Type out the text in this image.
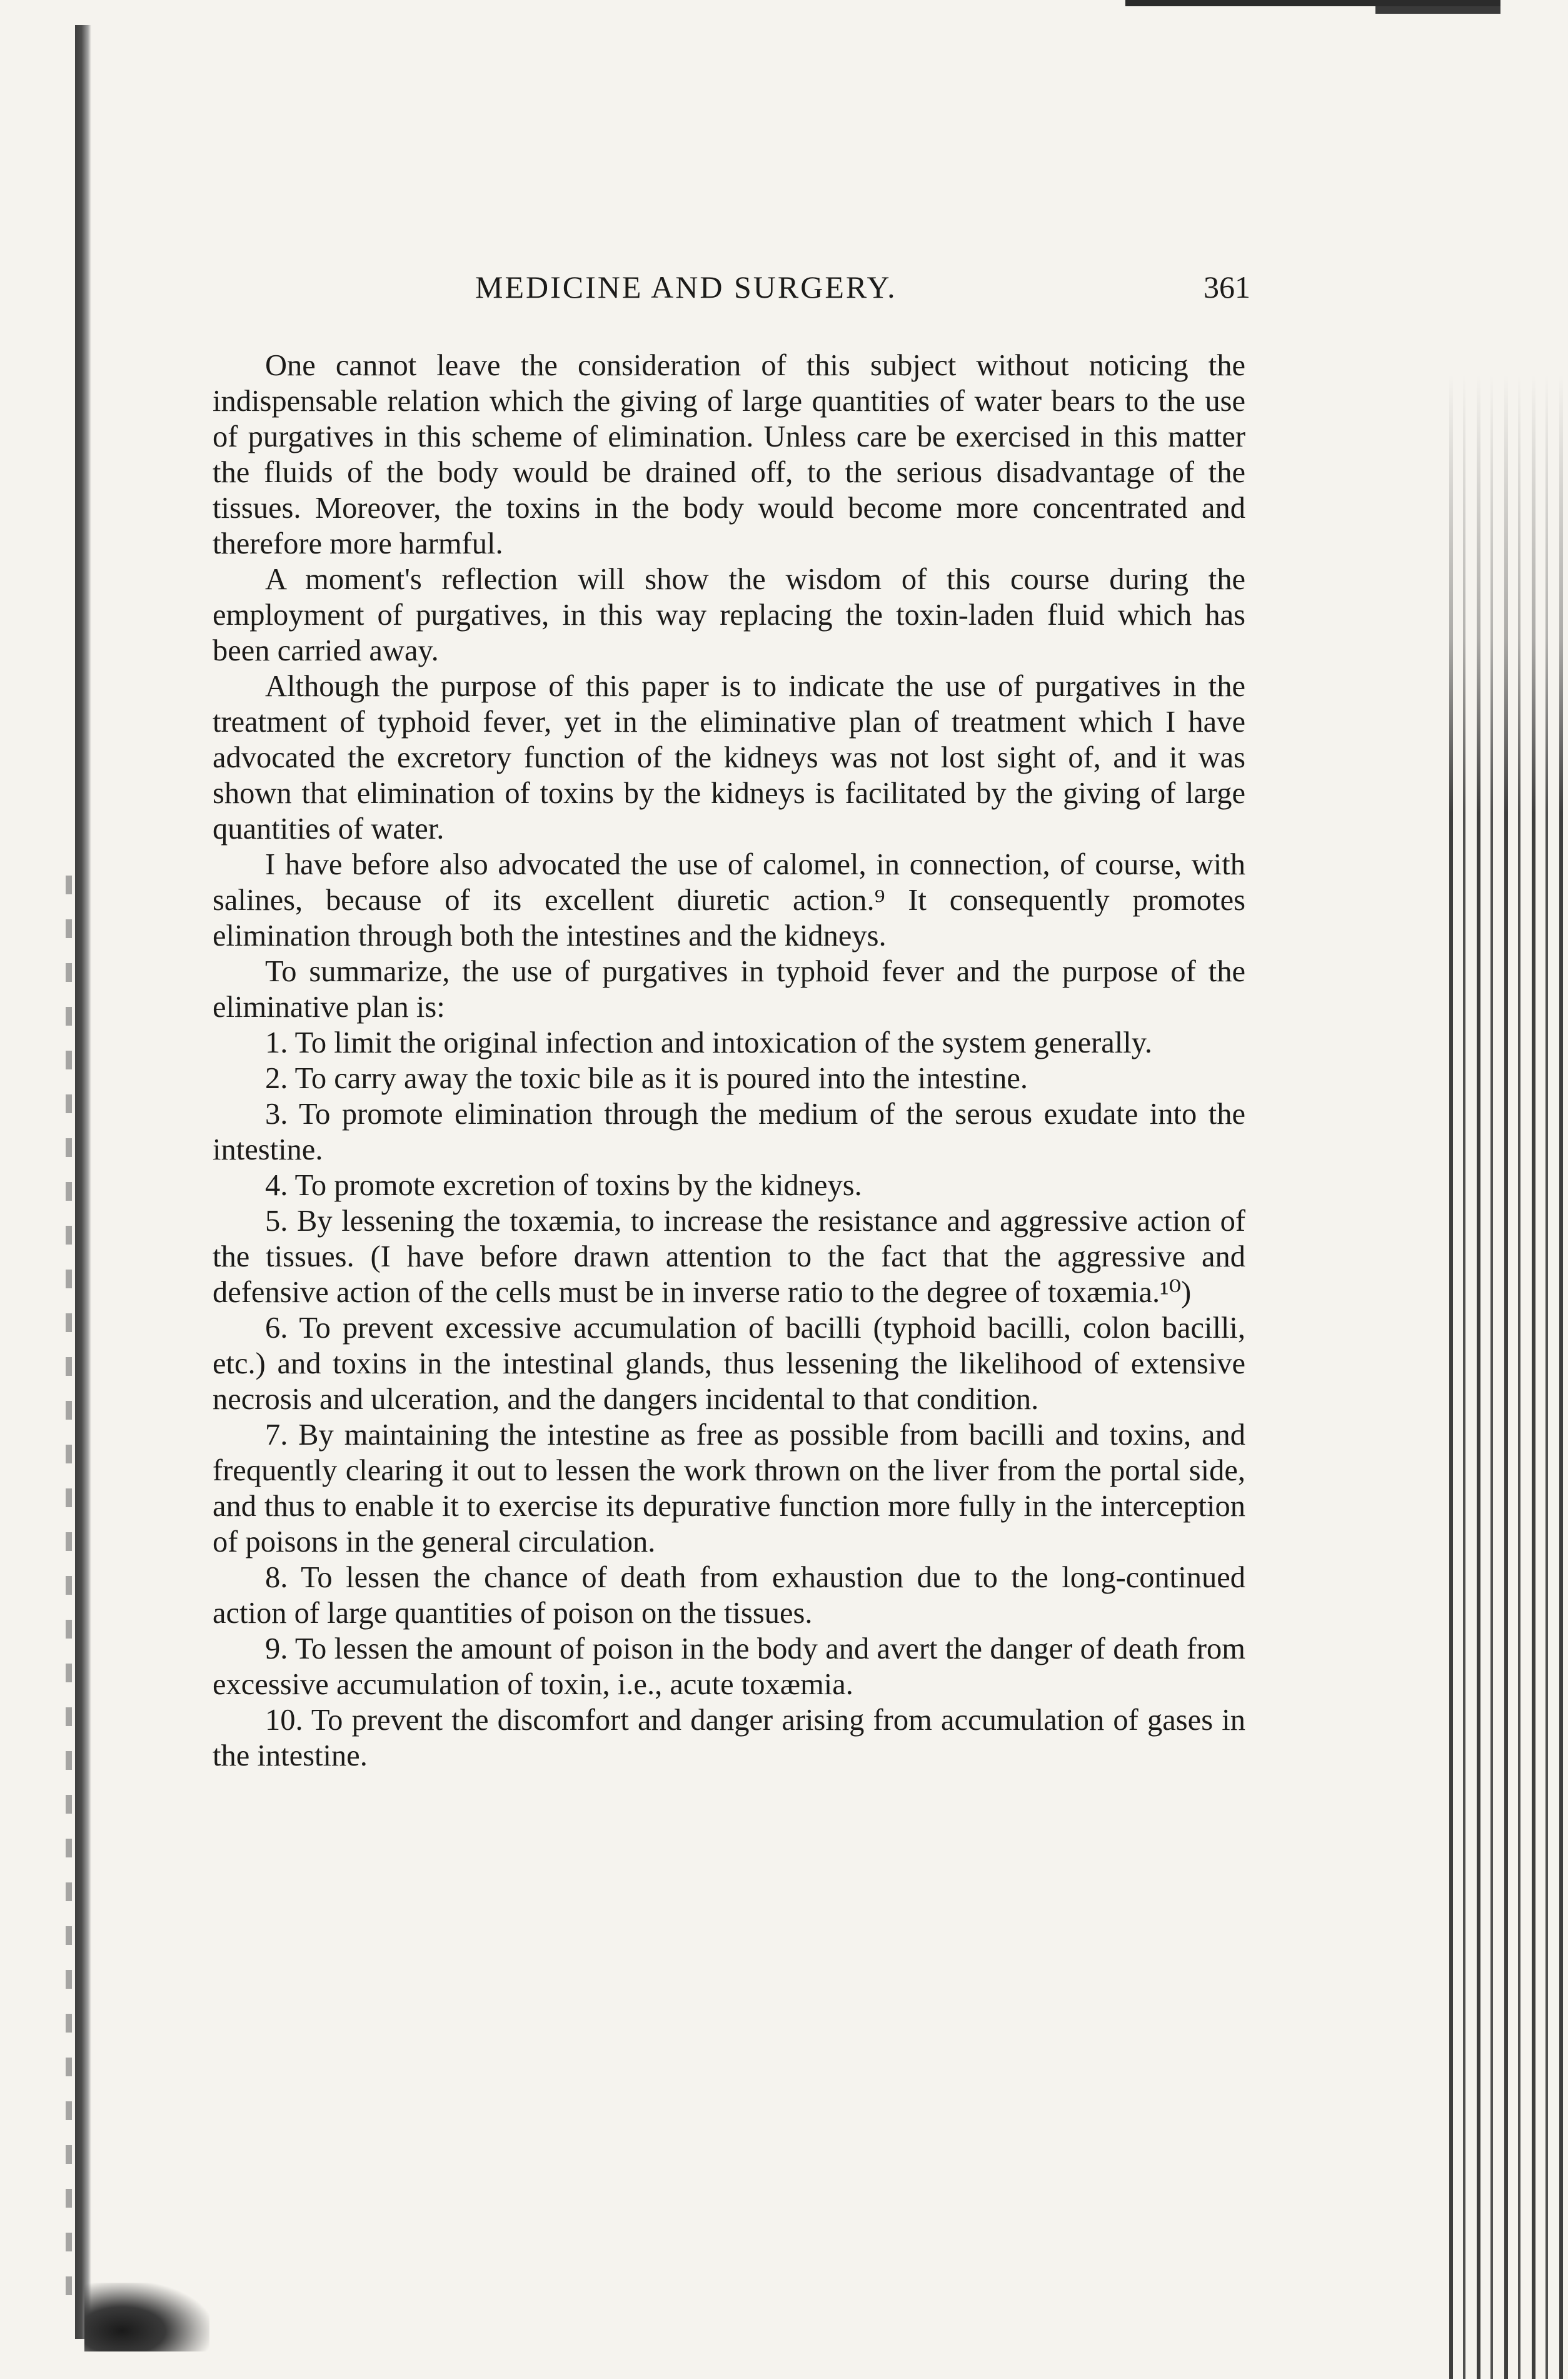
MEDICINE AND SURGERY.	361

One cannot leave the consideration of this subject without noticing the indispensable relation which the giving of large quantities of water bears to the use of purgatives in this scheme of elimination. Unless care be exercised in this matter the fluids of the body would be drained off, to the serious disadvantage of the tissues. Moreover, the toxins in the body would become more concentrated and therefore more harmful.

A moment's reflection will show the wisdom of this course during the employment of purgatives, in this way replacing the toxin-laden fluid which has been carried away.

Although the purpose of this paper is to indicate the use of purgatives in the treatment of typhoid fever, yet in the eliminative plan of treatment which I have advocated the excretory function of the kidneys was not lost sight of, and it was shown that elimination of toxins by the kidneys is facilitated by the giving of large quantities of water.

I have before also advocated the use of calomel, in connection, of course, with salines, because of its excellent diuretic action.⁹ It consequently promotes elimination through both the intestines and the kidneys.

To summarize, the use of purgatives in typhoid fever and the purpose of the eliminative plan is:

1. To limit the original infection and intoxication of the system generally.

2. To carry away the toxic bile as it is poured into the intestine.

3. To promote elimination through the medium of the serous exudate into the intestine.

4. To promote excretion of toxins by the kidneys.

5. By lessening the toxæmia, to increase the resistance and aggressive action of the tissues. (I have before drawn attention to the fact that the aggressive and defensive action of the cells must be in inverse ratio to the degree of toxæmia.¹⁰)

6. To prevent excessive accumulation of bacilli (typhoid bacilli, colon bacilli, etc.) and toxins in the intestinal glands, thus lessening the likelihood of extensive necrosis and ulceration, and the dangers incidental to that condition.

7. By maintaining the intestine as free as possible from bacilli and toxins, and frequently clearing it out to lessen the work thrown on the liver from the portal side, and thus to enable it to exercise its depurative function more fully in the interception of poisons in the general circulation.

8. To lessen the chance of death from exhaustion due to the long-continued action of large quantities of poison on the tissues.

9. To lessen the amount of poison in the body and avert the danger of death from excessive accumulation of toxin, i.e., acute toxæmia.

10. To prevent the discomfort and danger arising from accumulation of gases in the intestine.
